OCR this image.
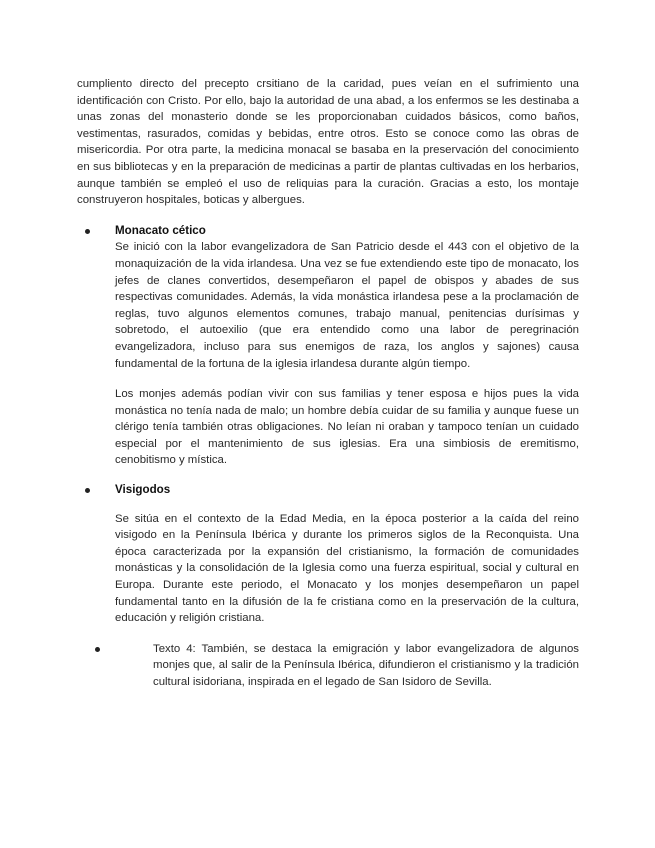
cumpliento directo del precepto crsitiano de la caridad, pues veían en el sufrimiento una identificación con Cristo. Por ello, bajo la autoridad de una abad, a los enfermos se les destinaba a unas zonas del monasterio donde se les proporcionaban cuidados básicos, como baños, vestimentas, rasurados, comidas y bebidas, entre otros. Esto se conoce como las obras de misericordia. Por otra parte, la medicina monacal se basaba en la preservación del conocimiento en sus bibliotecas y en la preparación de medicinas a partir de plantas cultivadas en los herbarios, aunque también se empleó el uso de reliquias para la curación. Gracias a esto, los montaje construyeron hospitales, boticas y albergues.

Monacato cético

Se inició con la labor evangelizadora de San Patricio desde el 443 con el objetivo de la monaquización de la vida irlandesa. Una vez se fue extendiendo este tipo de monacato, los jefes de clanes convertidos, desempeñaron el papel de obispos y abades de sus respectivas comunidades. Además, la vida monástica irlandesa pese a la proclamación de reglas, tuvo algunos elementos comunes, trabajo manual, penitencias durísimas y sobretodo, el autoexilio (que era entendido como una labor de peregrinación evangelizadora, incluso para sus enemigos de raza, los anglos y sajones) causa fundamental de la fortuna de la iglesia irlandesa durante algún tiempo.

Los monjes además podían vivir con sus familias y tener esposa e hijos pues la vida monástica no tenía nada de malo; un hombre debía cuidar de su familia y aunque fuese un clérigo tenía también otras obligaciones. No leían ni oraban y tampoco tenían un cuidado especial por el mantenimiento de sus iglesias. Era una simbiosis de eremitismo, cenobitismo y mística.

Visigodos

Se sitúa en el contexto de la Edad Media, en la época posterior a la caída del reino visigodo en la Península Ibérica y durante los primeros siglos de la Reconquista. Una época caracterizada por la expansión del cristianismo, la formación de comunidades monásticas y la consolidación de la Iglesia como una fuerza espiritual, social y cultural en Europa. Durante este periodo, el Monacato y los monjes desempeñaron un papel fundamental tanto en la difusión de la fe cristiana como en la preservación de la cultura, educación y religión cristiana.

Texto 4: También, se destaca la emigración y labor evangelizadora de algunos monjes que, al salir de la Península Ibérica, difundieron el cristianismo y la tradición cultural isidoriana, inspirada en el legado de San Isidoro de Sevilla.
